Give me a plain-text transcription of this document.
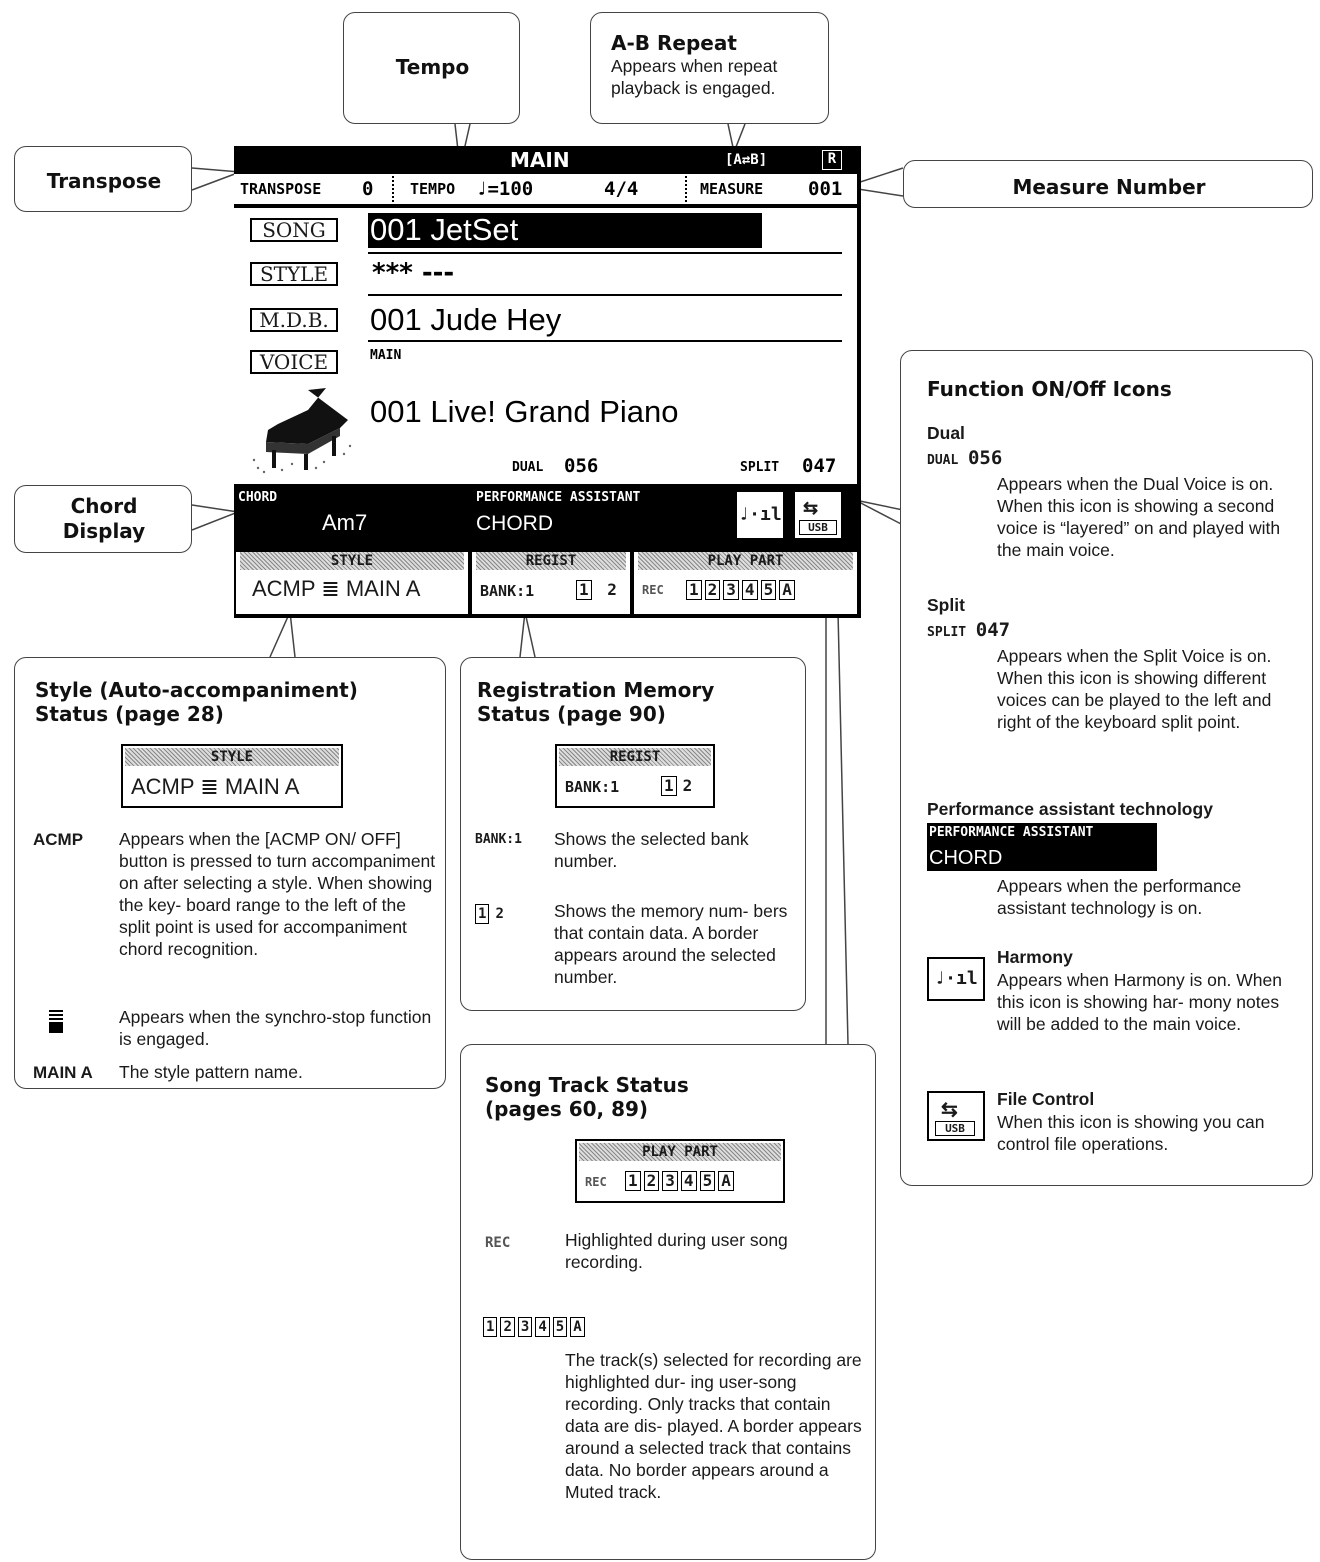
Tempo
A-B Repeat
Appears when repeat playback is engaged.
Transpose	Measure Number
Chord
Display
MAIN	[A⇄B]	R
TRANSPOSE 0 TEMPO ♩=100	4/4	MEASURE 001
SONG	001 JetSet
STYLE	*** ---
M.D.B. 001 Jude Hey
VOICE	MAIN
001 Live! Grand Piano
DUAL 056	SPLIT 047
CHORD
Am7
PERFORMANCE ASSISTANT
CHORD	♩·ıl ⇆
USB
STYLE
ACMP ≣ MAIN A
REGIST
BANK:1	1 2
PLAY PART
REC 1 2 3 4 5 A
Style (Auto-accompaniment)
Status (page 28)
STYLE
ACMP ≣ MAIN A
ACMP Appears when the [ACMP ON/ OFF] button is pressed to turn accompaniment on after selecting a style. When showing the key- board range to the left of the split point is used for accompaniment chord recognition.
Appears when the synchro-stop function is engaged.
MAIN A The style pattern name.
Registration Memory
Status (page 90)
REGIST
BANK:1	1 2
BANK:1 Shows the selected bank number.
1 2	Shows the memory num- bers that contain data. A border appears around the selected number.
Song Track Status
(pages 60, 89)
PLAY PART
REC 1 2 3 4 5 A
REC	Highlighted during user song recording.
1 2 3 4 5 A
The track(s) selected for recording are highlighted dur- ing user-song recording. Only tracks that contain data are dis- played. A border appears around a selected track that contains data. No border appears around a Muted track.
Function ON/Off Icons
Dual
DUAL 056
Appears when the Dual Voice is on. When this icon is showing a second voice is “layered” on and played with the main voice.
Split
SPLIT 047
Appears when the Split Voice is on. When this icon is showing different voices can be played to the left and right of the keyboard split point.
Performance assistant technology
PERFORMANCE ASSISTANT
CHORD
Appears when the performance assistant technology is on.
♩·ıl
Harmony
Appears when Harmony is on. When this icon is showing har- mony notes will be added to the main voice.
⇆
USB
File Control
When this icon is showing you can control file operations.
